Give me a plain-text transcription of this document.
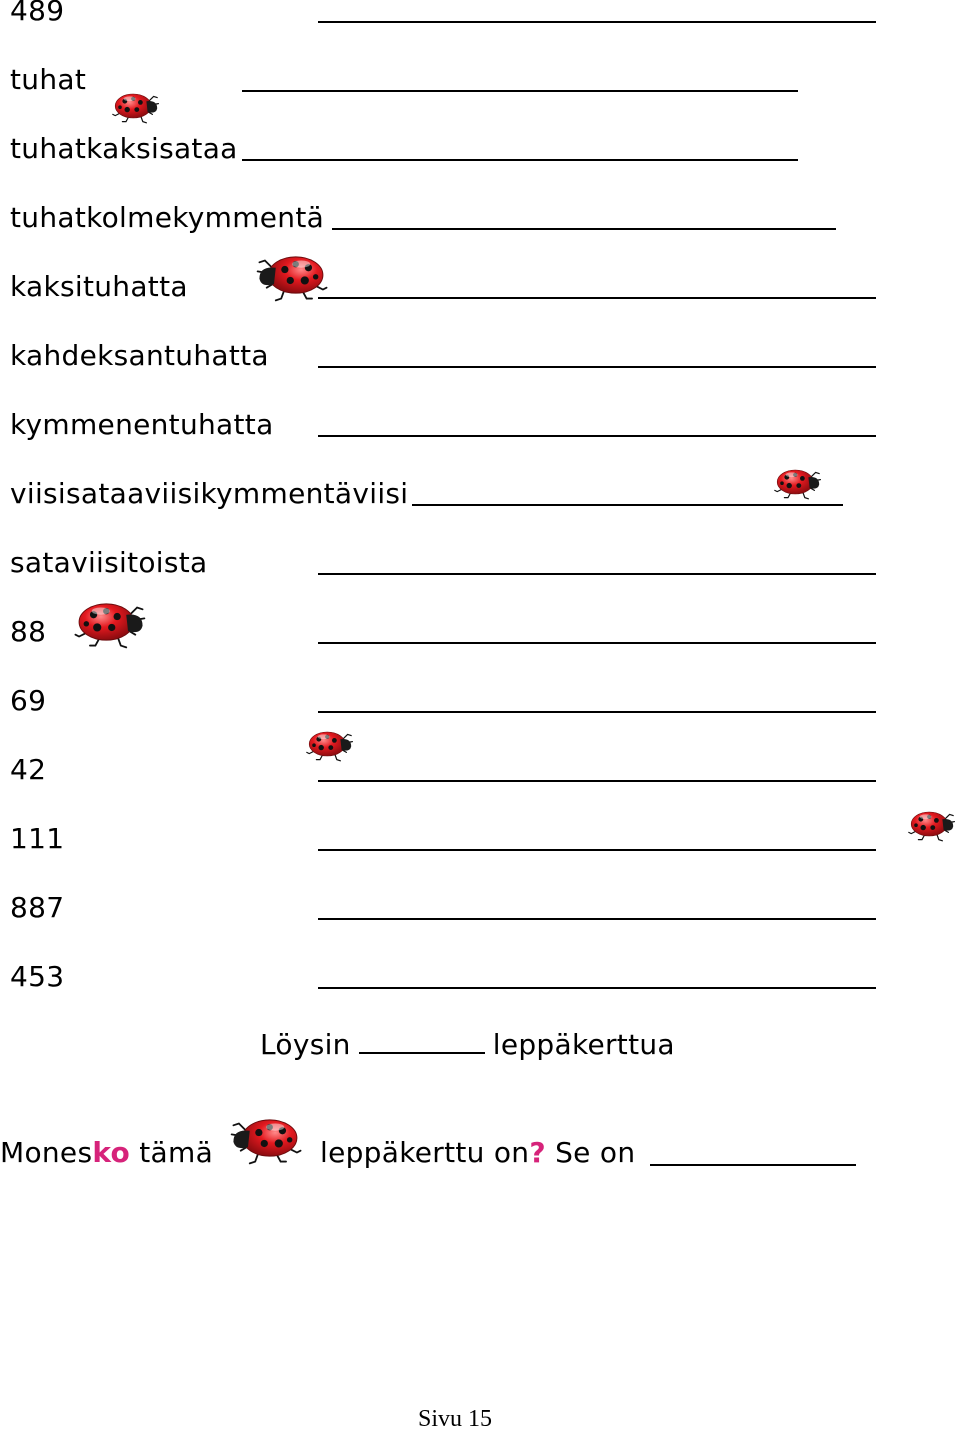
489
tuhat
tuhatkaksisataa
tuhatkolmekymmentä
kaksituhatta
kahdeksantuhatta
kymmenentuhatta
viisisataaviisikymmentäviisi
sataviisitoista
88
69
42
111
887
453
Löysin	leppäkerttua
Monesko tämä	leppäkerttu on? Se on
Sivu 15
